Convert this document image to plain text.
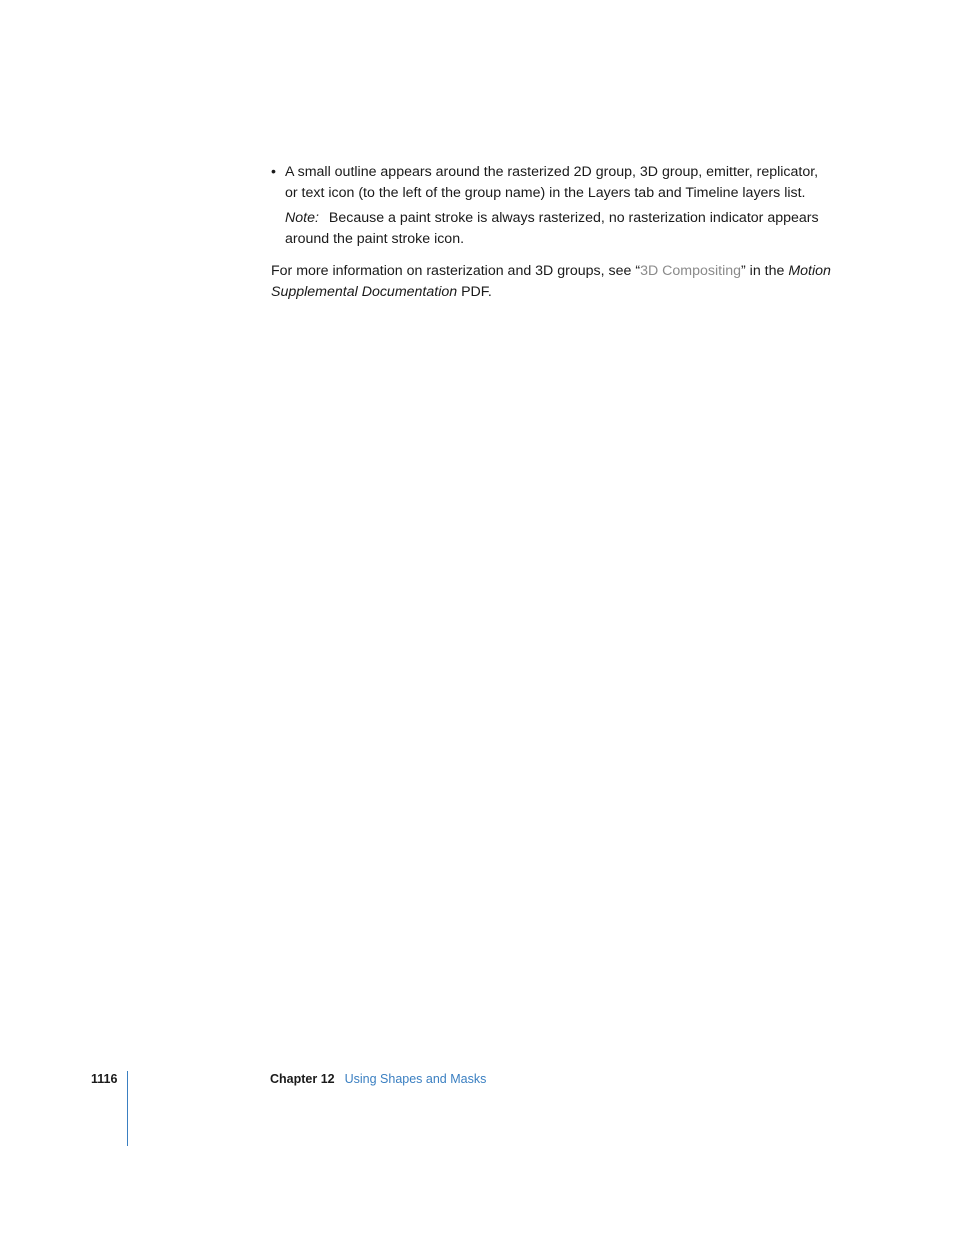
• A small outline appears around the rasterized 2D group, 3D group, emitter, replicator, or text icon (to the left of the group name) in the Layers tab and Timeline layers list.

Note: Because a paint stroke is always rasterized, no rasterization indicator appears around the paint stroke icon.

For more information on rasterization and 3D groups, see “3D Compositing” in the Motion Supplemental Documentation PDF.

1116	Chapter 12 Using Shapes and Masks
